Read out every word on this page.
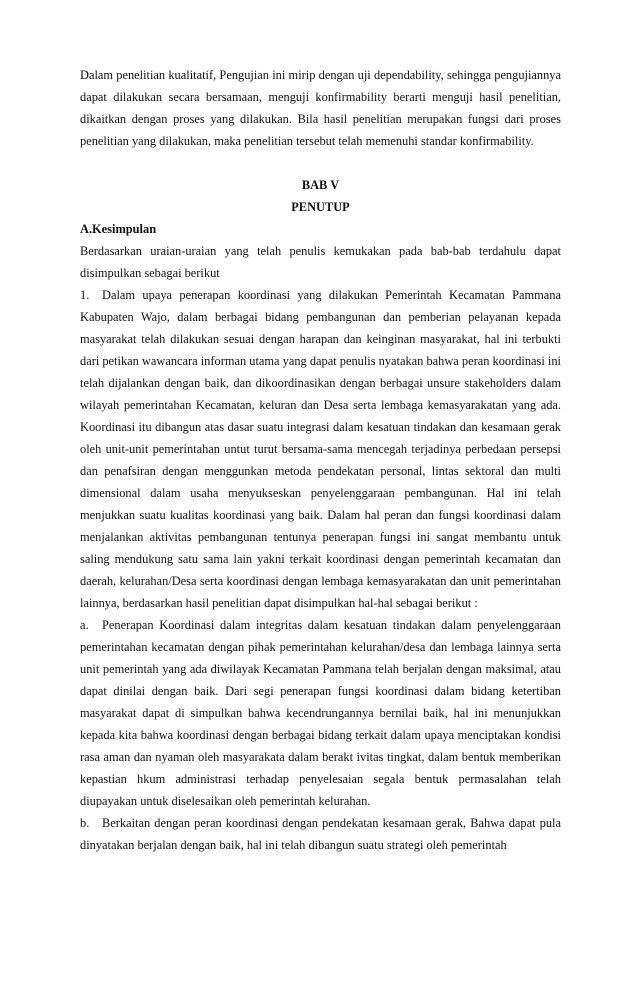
Dalam penelitian kualitatif, Pengujian ini mirip dengan uji dependability, sehingga pengujiannya dapat dilakukan secara bersamaan, menguji konfirmability berarti menguji hasil penelitian, dikaitkan dengan proses yang dilakukan. Bila hasil penelitian merupakan fungsi dari proses penelitian yang dilakukan, maka penelitian tersebut telah memenuhi standar konfirmability.

BAB V

PENUTUP

A.Kesimpulan

Berdasarkan uraian-uraian yang telah penulis kemukakan pada bab-bab terdahulu dapat disimpulkan sebagai berikut

1. Dalam upaya penerapan koordinasi yang dilakukan Pemerintah Kecamatan Pammana Kabupaten Wajo, dalam berbagai bidang pembangunan dan pemberian pelayanan kepada masyarakat telah dilakukan sesuai dengan harapan dan keinginan masyarakat, hal ini terbukti dari petikan wawancara informan utama yang dapat penulis nyatakan bahwa peran koordinasi ini telah dijalankan dengan baik, dan dikoordinasikan dengan berbagai unsure stakeholders dalam wilayah pemerintahan Kecamatan, keluran dan Desa serta lembaga kemasyarakatan yang ada. Koordinasi itu dibangun atas dasar suatu integrasi dalam kesatuan tindakan dan kesamaan gerak oleh unit-unit pemerintahan untut turut bersama-sama mencegah terjadinya perbedaan persepsi dan penafsiran dengan menggunkan metoda pendekatan personal, lintas sektoral dan multi dimensional dalam usaha menyukseskan penyelenggaraan pembangunan. Hal ini telah menjukkan suatu kualitas koordinasi yang baik. Dalam hal peran dan fungsi koordinasi dalam menjalankan aktivitas pembangunan tentunya penerapan fungsi ini sangat membantu untuk saling mendukung satu sama lain yakni terkait koordinasi dengan pemerintah kecamatan dan daerah, kelurahan/Desa serta koordinasi dengan lembaga kemasyarakatan dan unit pemerintahan lainnya, berdasarkan hasil penelitian dapat disimpulkan hal-hal sebagai berikut :

a. Penerapan Koordinasi dalam integritas dalam kesatuan tindakan dalam penyelenggaraan pemerintahan kecamatan dengan pihak pemerintahan kelurahan/desa dan lembaga lainnya serta unit pemerintah yang ada diwilayak Kecamatan Pammana telah berjalan dengan maksimal, atau dapat dinilai dengan baik. Dari segi penerapan fungsi koordinasi dalam bidang ketertiban masyarakat dapat di simpulkan bahwa kecendrungannya bernilai baik, hal ini menunjukkan kepada kita bahwa koordinasi dengan berbagai bidang terkait dalam upaya menciptakan kondisi rasa aman dan nyaman oleh masyarakata dalam berakt ivitas tingkat, dalam bentuk memberikan kepastian hkum administrasi terhadap penyelesaian segala bentuk permasalahan telah diupayakan untuk diselesaikan oleh pemerintah kelurahan.

b. Berkaitan dengan peran koordinasi dengan pendekatan kesamaan gerak, Bahwa dapat pula dinyatakan berjalan dengan baik, hal ini telah dibangun suatu strategi oleh pemerintah
